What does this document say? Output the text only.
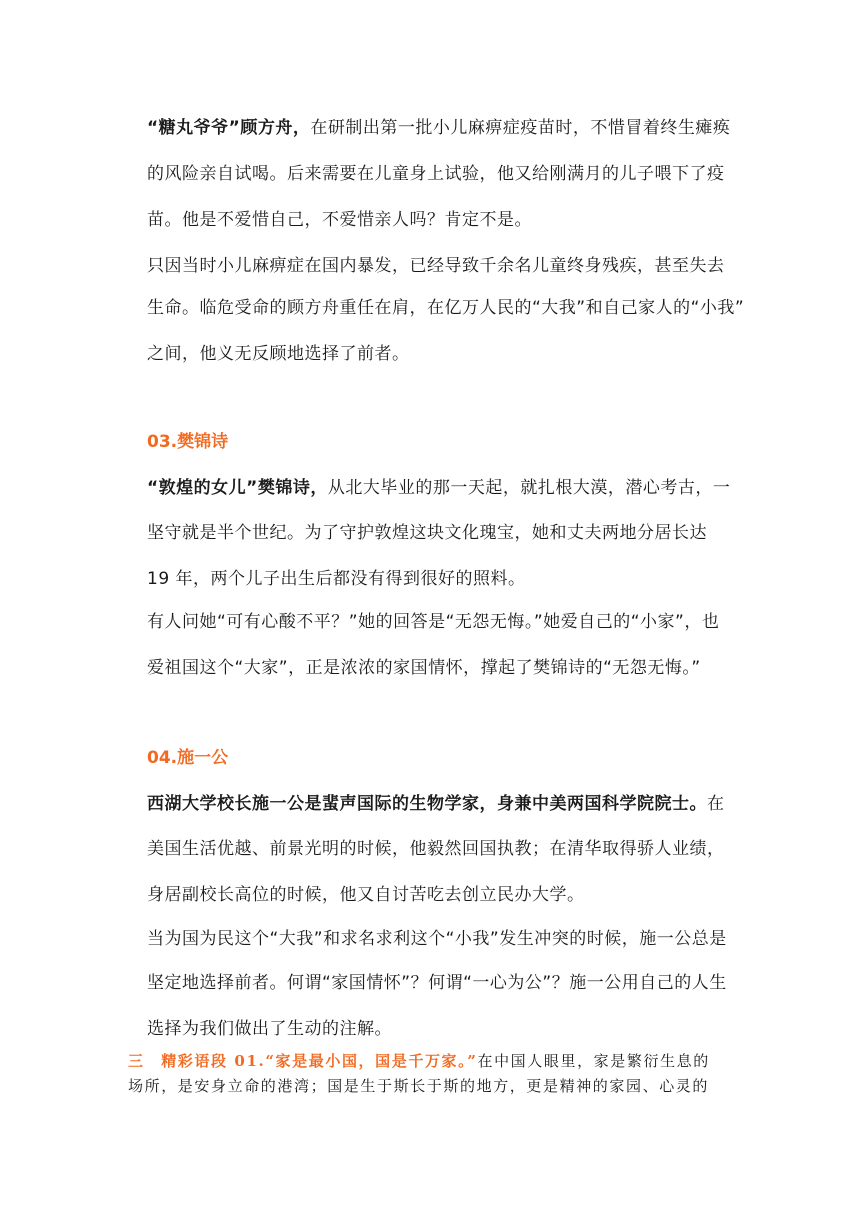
“糖丸爷爷”顾方舟，在研制出第一批小儿麻痹症疫苗时，不惜冒着终生瘫痪
的风险亲自试喝。后来需要在儿童身上试验，他又给刚满月的儿子喂下了疫
苗。他是不爱惜自己，不爱惜亲人吗？肯定不是。
只因当时小儿麻痹症在国内暴发，已经导致千余名儿童终身残疾，甚至失去
生命。临危受命的顾方舟重任在肩，在亿万人民的“大我”和自己家人的“小我”
之间，他义无反顾地选择了前者。
03.樊锦诗
“敦煌的女儿”樊锦诗，从北大毕业的那一天起，就扎根大漠，潜心考古，一
坚守就是半个世纪。为了守护敦煌这块文化瑰宝，她和丈夫两地分居长达
19 年，两个儿子出生后都没有得到很好的照料。
有人问她“可有心酸不平？”她的回答是“无怨无悔。”她爱自己的“小家”，也
爱祖国这个“大家”，正是浓浓的家国情怀，撑起了樊锦诗的“无怨无悔。”
04.施一公
西湖大学校长施一公是蜚声国际的生物学家，身兼中美两国科学院院士。在
美国生活优越、前景光明的时候，他毅然回国执教；在清华取得骄人业绩，
身居副校长高位的时候，他又自讨苦吃去创立民办大学。
当为国为民这个“大我”和求名求利这个“小我”发生冲突的时候，施一公总是
坚定地选择前者。何谓“家国情怀”？何谓“一心为公”？施一公用自己的人生
选择为我们做出了生动的注解。
三　精彩语段 01.“家是最小国，国是千万家。”在中国人眼里，家是繁衍生息的
场所，是安身立命的港湾；国是生于斯长于斯的地方，更是精神的家园、心灵的
